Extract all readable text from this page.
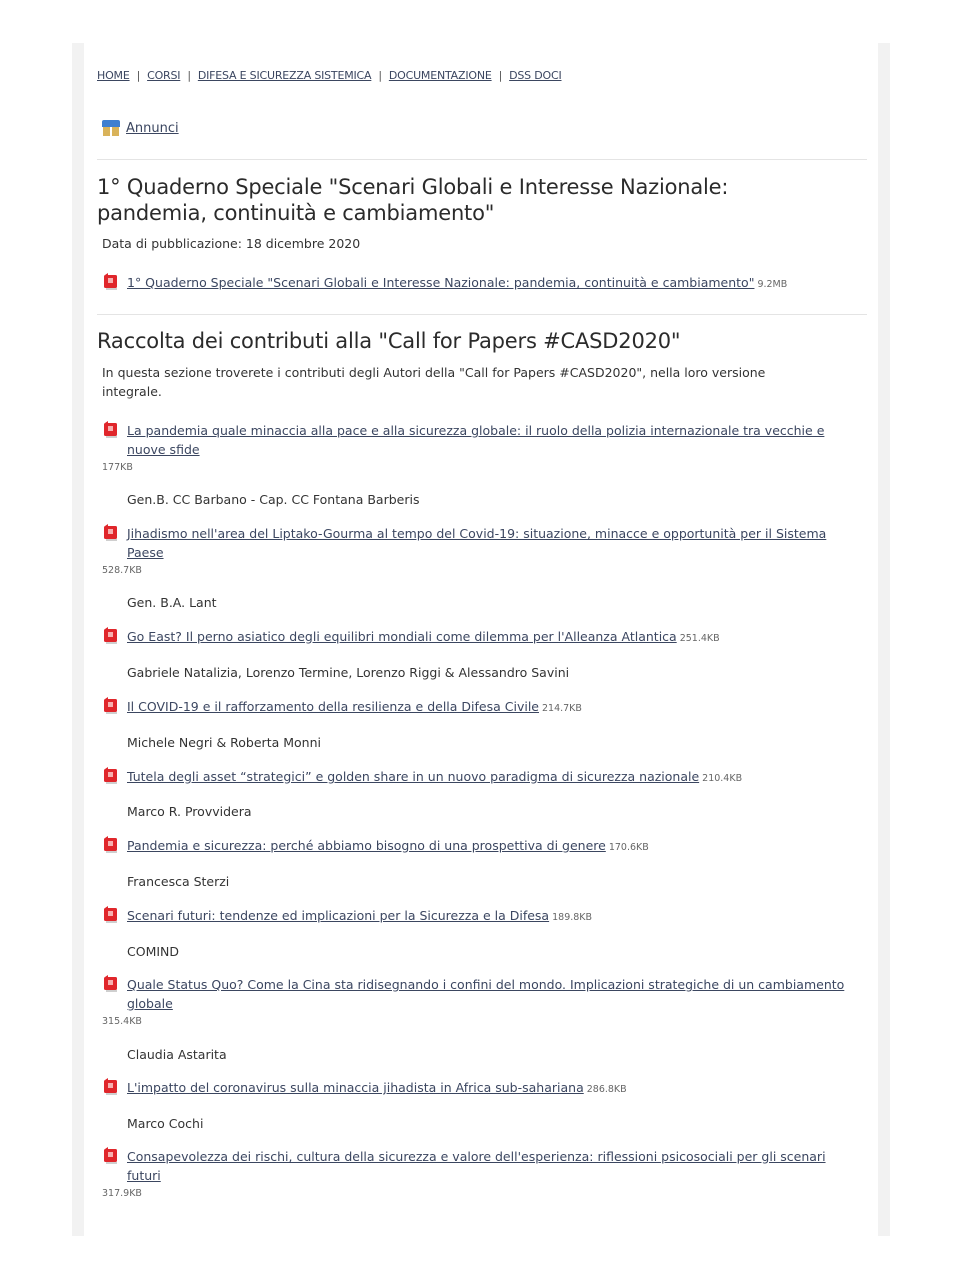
HOME | CORSI | DIFESA E SICUREZZA SISTEMICA | DOCUMENTAZIONE | DSS DOCI
Annunci
1° Quaderno Speciale "Scenari Globali e Interesse Nazionale: pandemia, continuità e cambiamento"
Data di pubblicazione: 18 dicembre 2020
1° Quaderno Speciale "Scenari Globali e Interesse Nazionale: pandemia, continuità e cambiamento" 9.2MB
Raccolta dei contributi alla "Call for Papers #CASD2020"
In questa sezione troverete i contributi degli Autori della "Call for Papers #CASD2020", nella loro versione integrale.
La pandemia quale minaccia alla pace e alla sicurezza globale: il ruolo della polizia internazionale tra vecchie e nuove sfide
177KB
Gen.B. CC Barbano - Cap. CC Fontana Barberis
Jihadismo nell'area del Liptako-Gourma al tempo del Covid-19: situazione, minacce e opportunità per il Sistema Paese
528.7KB
Gen. B.A. Lant
Go East? Il perno asiatico degli equilibri mondiali come dilemma per l'Alleanza Atlantica 251.4KB
Gabriele Natalizia, Lorenzo Termine, Lorenzo Riggi & Alessandro Savini
Il COVID-19 e il rafforzamento della resilienza e della Difesa Civile 214.7KB
Michele Negri & Roberta Monni
Tutela degli asset “strategici” e golden share in un nuovo paradigma di sicurezza nazionale 210.4KB
Marco R. Provvidera
Pandemia e sicurezza: perché abbiamo bisogno di una prospettiva di genere 170.6KB
Francesca Sterzi
Scenari futuri: tendenze ed implicazioni per la Sicurezza e la Difesa 189.8KB
COMIND
Quale Status Quo? Come la Cina sta ridisegnando i confini del mondo. Implicazioni strategiche di un cambiamento globale
315.4KB
Claudia Astarita
L'impatto del coronavirus sulla minaccia jihadista in Africa sub-sahariana 286.8KB
Marco Cochi
Consapevolezza dei rischi, cultura della sicurezza e valore dell'esperienza: riflessioni psicosociali per gli scenari futuri
317.9KB
